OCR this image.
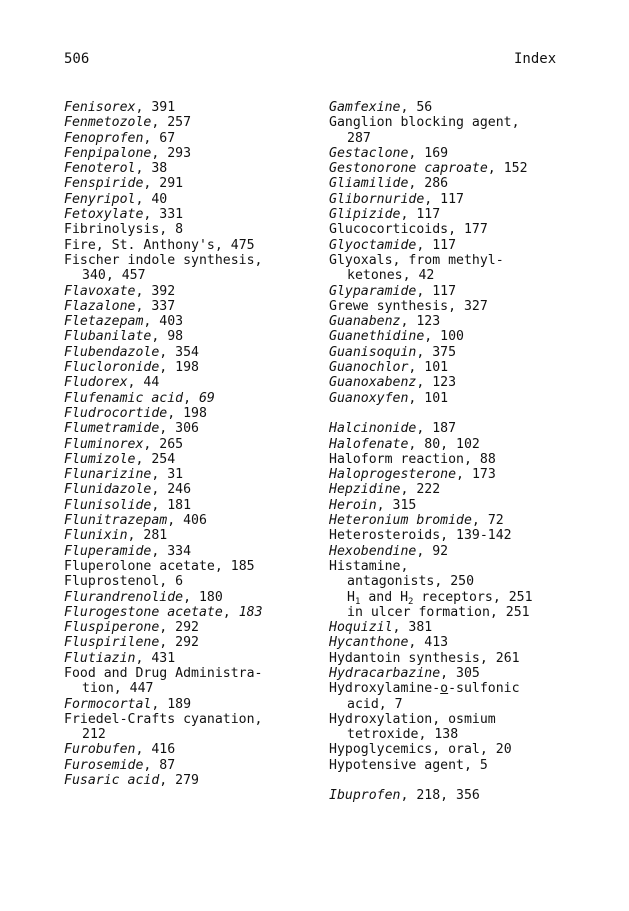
506	Index
Fenisorex, 391
Fenmetozole, 257
Fenoprofen, 67
Fenpipalone, 293
Fenoterol, 38
Fenspiride, 291
Fenyripol, 40
Fetoxylate, 331
Fibrinolysis, 8
Fire, St. Anthony's, 475
Fischer indole synthesis,
340, 457
Flavoxate, 392
Flazalone, 337
Fletazepam, 403
Flubanilate, 98
Flubendazole, 354
Flucloronide, 198
Fludorex, 44
Flufenamic acid, 69
Fludrocortide, 198
Flumetramide, 306
Fluminorex, 265
Flumizole, 254
Flunarizine, 31
Flunidazole, 246
Flunisolide, 181
Flunitrazepam, 406
Flunixin, 281
Fluperamide, 334
Fluperolone acetate, 185
Fluprostenol, 6
Flurandrenolide, 180
Flurogestone acetate, 183
Fluspiperone, 292
Fluspirilene, 292
Flutiazin, 431
Food and Drug Administra-
tion, 447
Formocortal, 189
Friedel-Crafts cyanation,
212
Furobufen, 416
Furosemide, 87
Fusaric acid, 279
Gamfexine, 56
Ganglion blocking agent,
287
Gestaclone, 169
Gestonorone caproate, 152
Gliamilide, 286
Glibornuride, 117
Glipizide, 117
Glucocorticoids, 177
Glyoctamide, 117
Glyoxals, from methyl-
ketones, 42
Glyparamide, 117
Grewe synthesis, 327
Guanabenz, 123
Guanethidine, 100
Guanisoquin, 375
Guanochlor, 101
Guanoxabenz, 123
Guanoxyfen, 101
Halcinonide, 187
Halofenate, 80, 102
Haloform reaction, 88
Haloprogesterone, 173
Hepzidine, 222
Heroin, 315
Heteronium bromide, 72
Heterosteroids, 139-142
Hexobendine, 92
Histamine,
antagonists, 250
$H_1$ and $H_2$ receptors, 251
in ulcer formation, 251
Hoquizil, 381
Hycanthone, 413
Hydantoin synthesis, 261
Hydracarbazine, 305
Hydroxylamine-o-sulfonic
acid, 7
Hydroxylation, osmium
tetroxide, 138
Hypoglycemics, oral, 20
Hypotensive agent, 5
Ibuprofen, 218, 356
